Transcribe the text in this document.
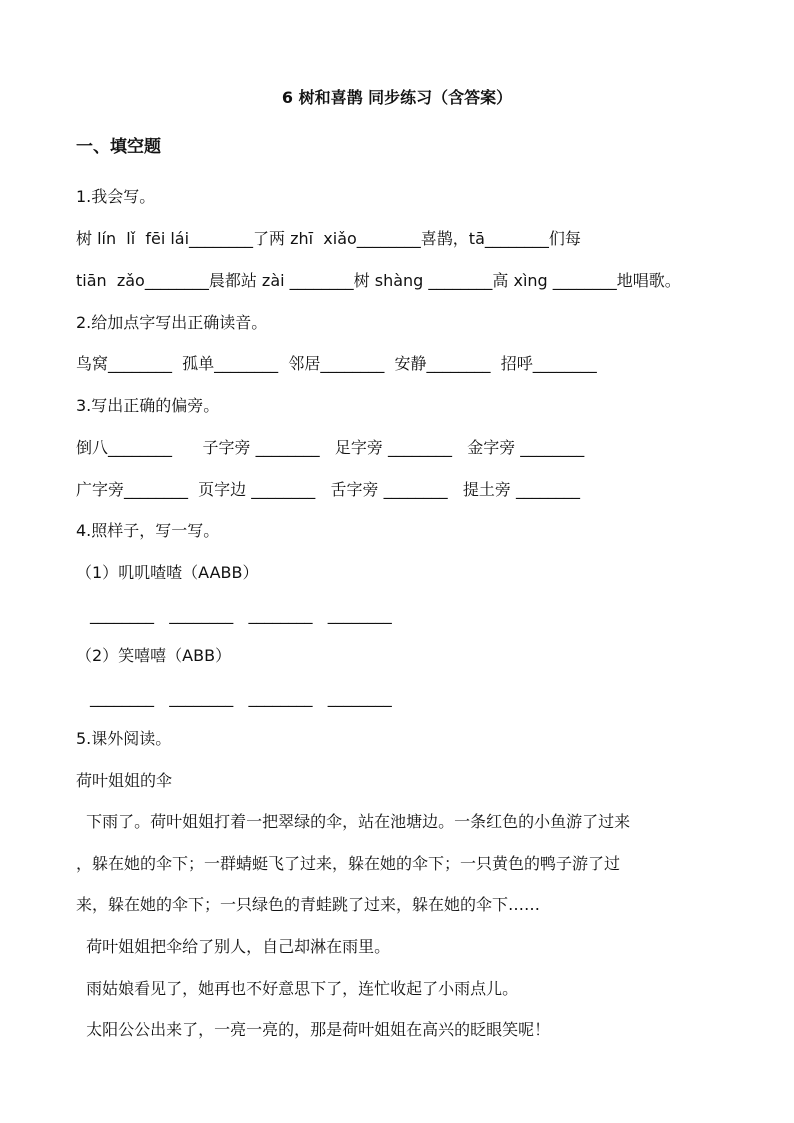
6 树和喜鹊 同步练习（含答案）
一、填空题
1.我会写。
树 lín  lǐ  fēi lái________了两 zhī  xiǎo________喜鹊，tā________们每
tiān  zǎo________晨都站 zài ________树 shàng ________高 xìng ________地唱歌。
2.给加点字写出正确读音。
鸟窝________  孤单________  邻居________  安静________  招呼________
3.写出正确的偏旁。
倒八________      子字旁 ________   足字旁 ________   金字旁 ________
广字旁________  页字边 ________   舌字旁 ________   提土旁 ________
4.照样子，写一写。
（1）叽叽喳喳（AABB）
________   ________   ________   ________
（2）笑嘻嘻（ABB）
________   ________   ________   ________
5.课外阅读。
荷叶姐姐的伞
下雨了。荷叶姐姐打着一把翠绿的伞，站在池塘边。一条红色的小鱼游了过来
，躲在她的伞下；一群蜻蜓飞了过来，躲在她的伞下；一只黄色的鸭子游了过
来，躲在她的伞下；一只绿色的青蛙跳了过来，躲在她的伞下……
荷叶姐姐把伞给了别人，自己却淋在雨里。
雨姑娘看见了，她再也不好意思下了，连忙收起了小雨点儿。
太阳公公出来了，一亮一亮的，那是荷叶姐姐在高兴的眨眼笑呢！
